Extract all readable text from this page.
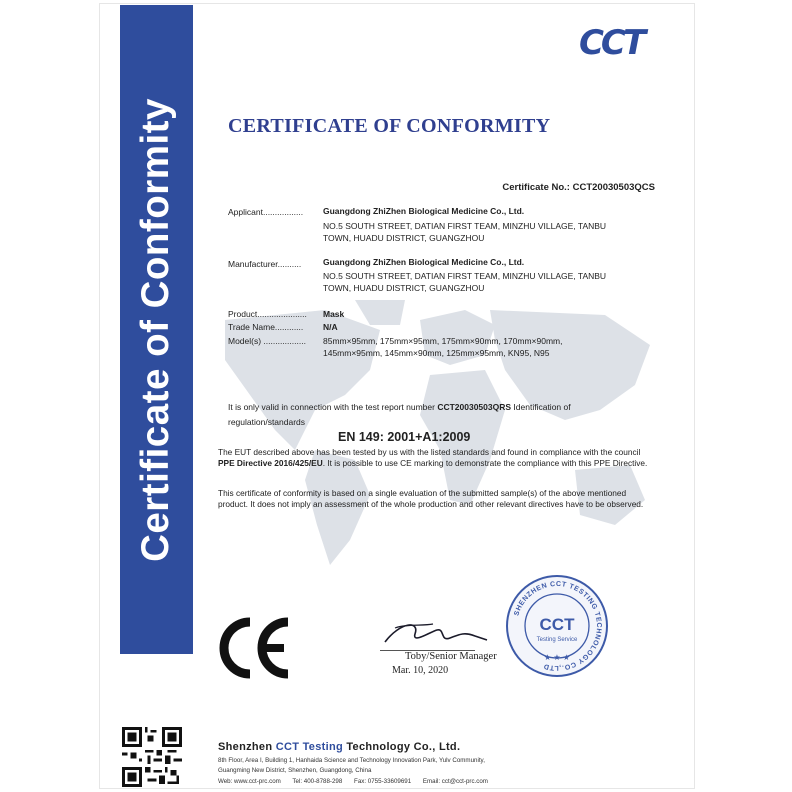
Certificate of Conformity
CCT
CERTIFICATE OF CONFORMITY
Certificate No.: CCT20030503QCS
Applicant................. Guangdong ZhiZhen Biological Medicine Co., Ltd.
NO.5 SOUTH STREET, DATIAN FIRST TEAM, MINZHU VILLAGE, TANBU
TOWN, HUADU DISTRICT, GUANGZHOU
Manufacturer..........	Guangdong ZhiZhen Biological Medicine Co., Ltd.
NO.5 SOUTH STREET, DATIAN FIRST TEAM, MINZHU VILLAGE, TANBU
TOWN, HUADU DISTRICT, GUANGZHOU
Product..................... Mask
Trade Name............ N/A
Model(s) .................. 85mm×95mm, 175mm×95mm, 175mm×90mm, 170mm×90mm,
145mm×95mm, 145mm×90mm, 125mm×95mm, KN95, N95
It is only valid in connection with the test report number CCT20030503QRS Identification of
regulation/standards
EN 149: 2001+A1:2009
The EUT described above has been tested by us with the listed standards and found in compliance with the council PPE Directive 2016/425/EU. It is possible to use CE marking to demonstrate the compliance with this PPE Directive.
This certificate of conformity is based on a single evaluation of the submitted sample(s) of the above mentioned product. It does not imply an assessment of the whole production and other relevant directives have to be observed.
CE
Toby/Senior Manager
Mar. 10, 2020
SHENZHEN CCT TESTING TECHNOLOGY CO.,LTD
CCT
Testing Service
★ ★ ★
Shenzhen CCT Testing Technology Co., Ltd.
8th Floor, Area I, Building 1, Hanhaida Science and Technology Innovation Park, Yulv Community,
Guangming New District, Shenzhen, Guangdong, China
Web: www.cct-prc.com Tel: 400-8788-298 Fax: 0755-33609691 Email: cct@cct-prc.com
